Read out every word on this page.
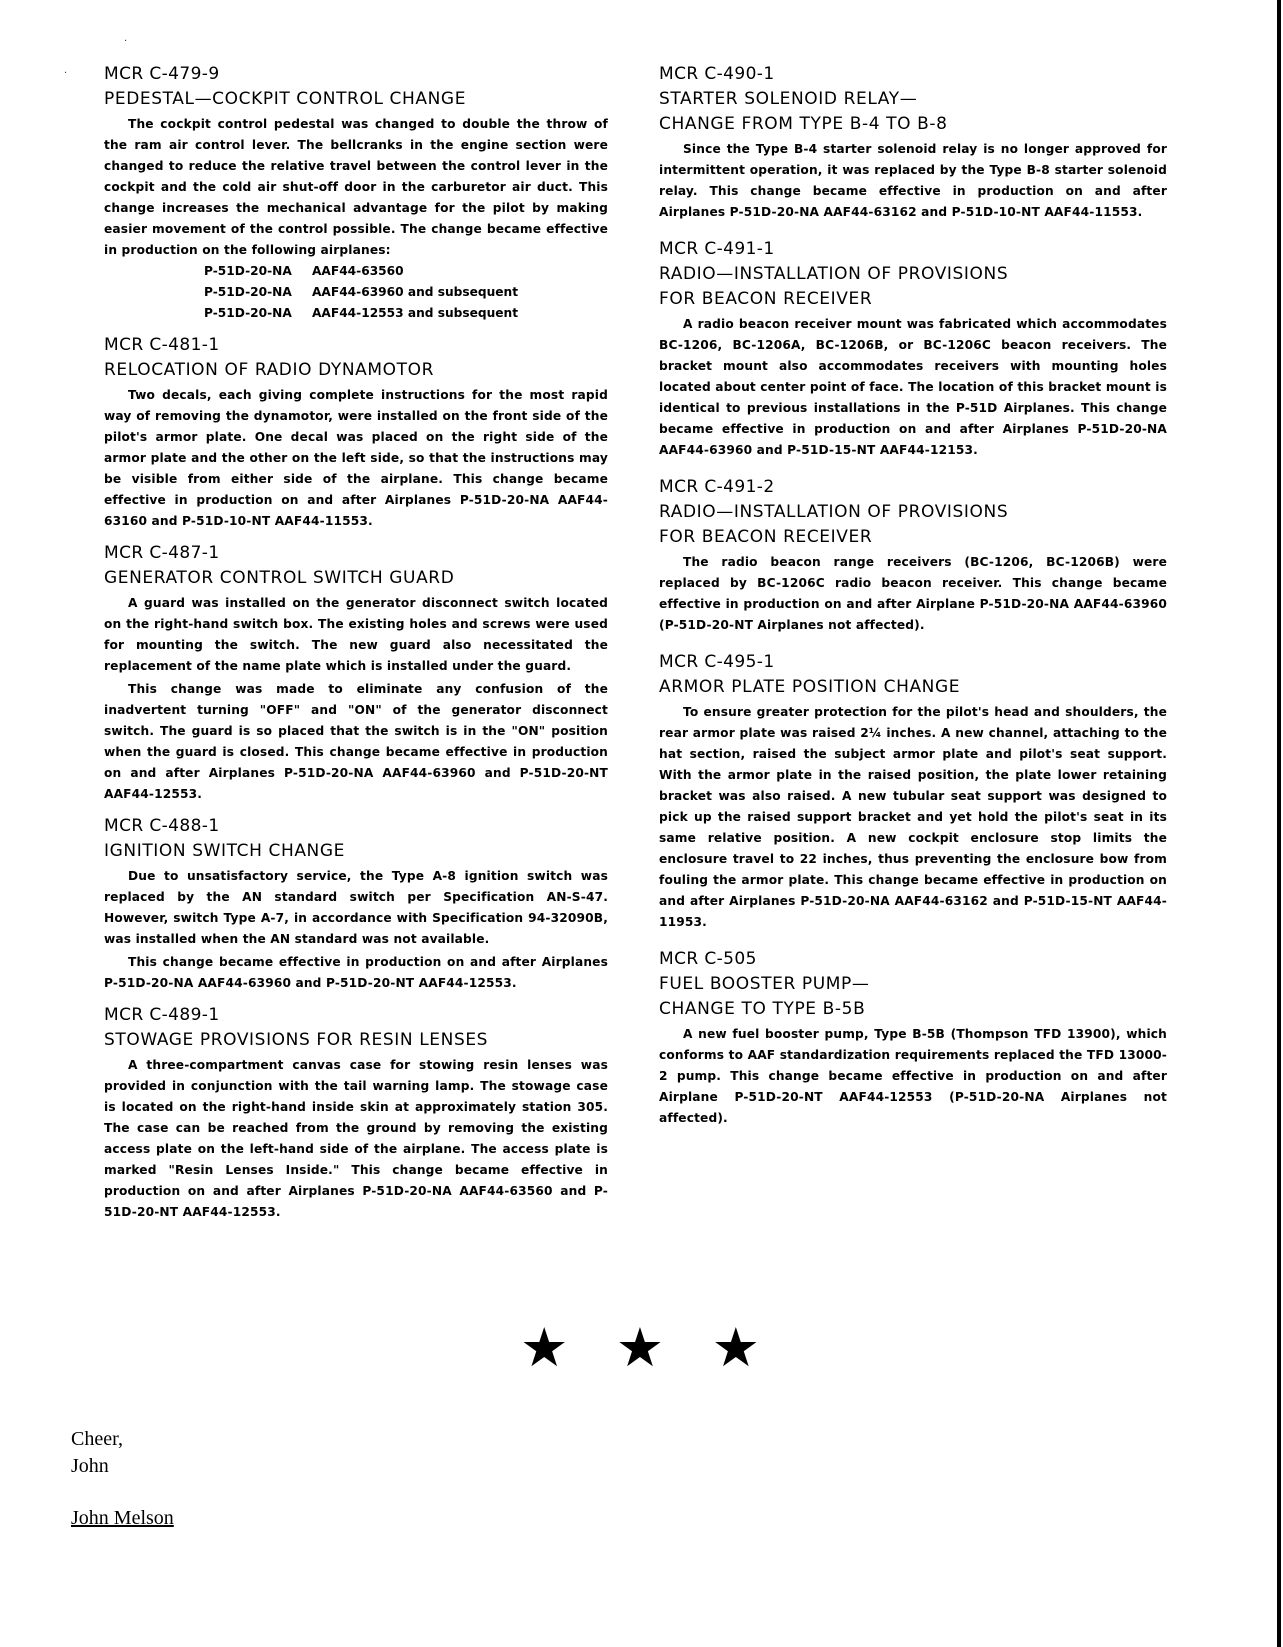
·
· MCR C-479-9
PEDESTAL—COCKPIT CONTROL CHANGE

The cockpit control pedestal was changed to double the throw of the ram air control lever. The bellcranks in the engine section were changed to reduce the relative travel between the control lever in the cockpit and the cold air shut-off door in the carburetor air duct. This change increases the mechanical advantage for the pilot by making easier movement of the control possible. The change became effective in production on the following airplanes:

P-51D-20-NA	AAF44-63560
P-51D-20-NA	AAF44-63960 and subsequent
P-51D-20-NA	AAF44-12553 and subsequent
MCR C-481-1
RELOCATION OF RADIO DYNAMOTOR

Two decals, each giving complete instructions for the most rapid way of removing the dynamotor, were installed on the front side of the pilot's armor plate. One decal was placed on the right side of the armor plate and the other on the left side, so that the instructions may be visible from either side of the airplane. This change became effective in production on and after Airplanes P-51D-20-NA AAF44-63160 and P-51D-10-NT AAF44-11553.

MCR C-487-1
GENERATOR CONTROL SWITCH GUARD

A guard was installed on the generator disconnect switch located on the right-hand switch box. The existing holes and screws were used for mounting the switch. The new guard also necessitated the replacement of the name plate which is installed under the guard.

This change was made to eliminate any confusion of the inadvertent turning "OFF" and "ON" of the generator disconnect switch. The guard is so placed that the switch is in the "ON" position when the guard is closed. This change became effective in production on and after Airplanes P-51D-20-NA AAF44-63960 and P-51D-20-NT AAF44-12553.

MCR C-488-1
IGNITION SWITCH CHANGE

Due to unsatisfactory service, the Type A-8 ignition switch was replaced by the AN standard switch per Specification AN-S-47. However, switch Type A-7, in accordance with Specification 94-32090B, was installed when the AN standard was not available.

This change became effective in production on and after Airplanes P-51D-20-NA AAF44-63960 and P-51D-20-NT AAF44-12553.

MCR C-489-1
STOWAGE PROVISIONS FOR RESIN LENSES

A three-compartment canvas case for stowing resin lenses was provided in conjunction with the tail warning lamp. The stowage case is located on the right-hand inside skin at approximately station 305. The case can be reached from the ground by removing the existing access plate on the left-hand side of the airplane. The access plate is marked "Resin Lenses Inside." This change became effective in production on and after Airplanes P-51D-20-NA AAF44-63560 and P-51D-20-NT AAF44-12553.

MCR C-490-1
STARTER SOLENOID RELAY—
CHANGE FROM TYPE B-4 TO B-8

Since the Type B-4 starter solenoid relay is no longer approved for intermittent operation, it was replaced by the Type B-8 starter solenoid relay. This change became effective in production on and after Airplanes P-51D-20-NA AAF44-63162 and P-51D-10-NT AAF44-11553.

MCR C-491-1
RADIO—INSTALLATION OF PROVISIONS
FOR BEACON RECEIVER

A radio beacon receiver mount was fabricated which accommodates BC-1206, BC-1206A, BC-1206B, or BC-1206C beacon receivers. The bracket mount also accommodates receivers with mounting holes located about center point of face. The location of this bracket mount is identical to previous installations in the P-51D Airplanes. This change became effective in production on and after Airplanes P-51D-20-NA AAF44-63960 and P-51D-15-NT AAF44-12153.

MCR C-491-2
RADIO—INSTALLATION OF PROVISIONS
FOR BEACON RECEIVER

The radio beacon range receivers (BC-1206, BC-1206B) were replaced by BC-1206C radio beacon receiver. This change became effective in production on and after Airplane P-51D-20-NA AAF44-63960 (P-51D-20-NT Airplanes not affected).

MCR C-495-1
ARMOR PLATE POSITION CHANGE

To ensure greater protection for the pilot's head and shoulders, the rear armor plate was raised 2¼ inches. A new channel, attaching to the hat section, raised the subject armor plate and pilot's seat support. With the armor plate in the raised position, the plate lower retaining bracket was also raised. A new tubular seat support was designed to pick up the raised support bracket and yet hold the pilot's seat in its same relative position. A new cockpit enclosure stop limits the enclosure travel to 22 inches, thus preventing the enclosure bow from fouling the armor plate. This change became effective in production on and after Airplanes P-51D-20-NA AAF44-63162 and P-51D-15-NT AAF44-11953.

MCR C-505
FUEL BOOSTER PUMP—
CHANGE TO TYPE B-5B

A new fuel booster pump, Type B-5B (Thompson TFD 13900), which conforms to AAF standardization requirements replaced the TFD 13000-2 pump. This change became effective in production on and after Airplane P-51D-20-NT AAF44-12553 (P-51D-20-NA Airplanes not affected).

★ ★ ★
Cheer,
John
John Melson
